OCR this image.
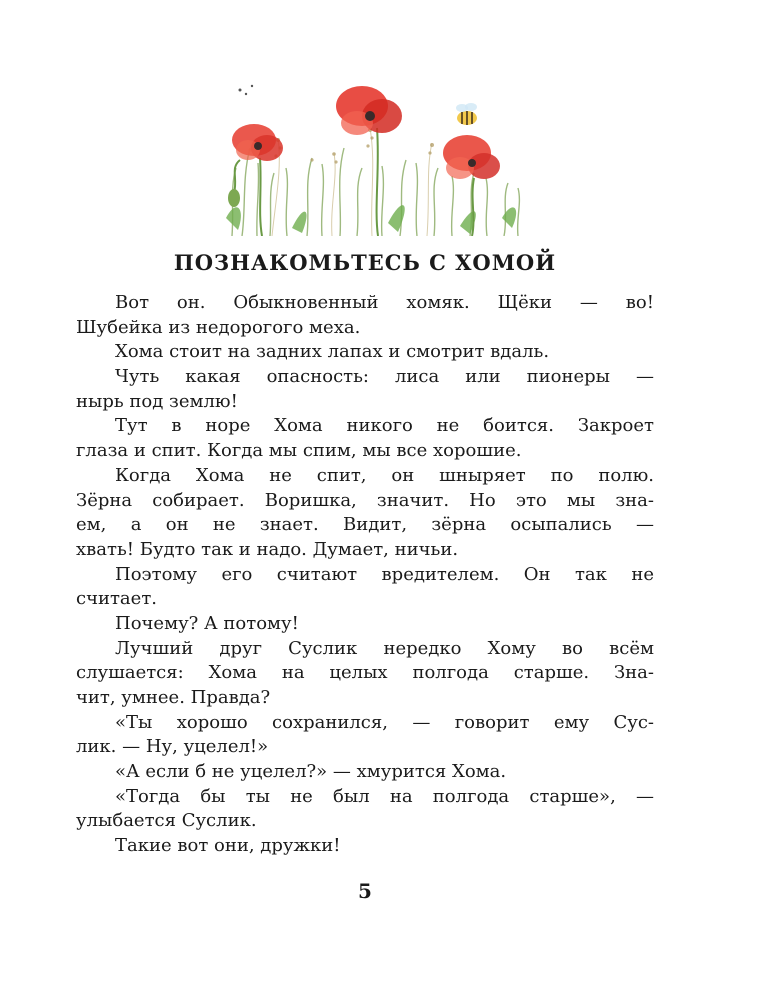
ПОЗНАКОМЬТЕСЬ С ХОМОЙ
Вот он. Обыкновенный хомяк. Щёки — во!
Шубейка из недорогого меха.
Хома стоит на задних лапах и смотрит вдаль.
Чуть какая опасность: лиса или пионеры —
нырь под землю!
Тут в норе Хома никого не боится. Закроет
глаза и спит. Когда мы спим, мы все хорошие.
Когда Хома не спит, он шныряет по полю.
Зёрна собирает. Воришка, значит. Но это мы зна-
ем, а он не знает. Видит, зёрна осыпались —
хвать! Будто так и надо. Думает, ничьи.
Поэтому его считают вредителем. Он так не
считает.
Почему? А потому!
Лучший друг Суслик нередко Хому во всём
слушается: Хома на целых полгода старше. Зна-
чит, умнее. Правда?
«Ты хорошо сохранился, — говорит ему Сус-
лик. — Ну, уцелел!»
«А если б не уцелел?» — хмурится Хома.
«Тогда бы ты не был на полгода старше», —
улыбается Суслик.
Такие вот они, дружки!
5
